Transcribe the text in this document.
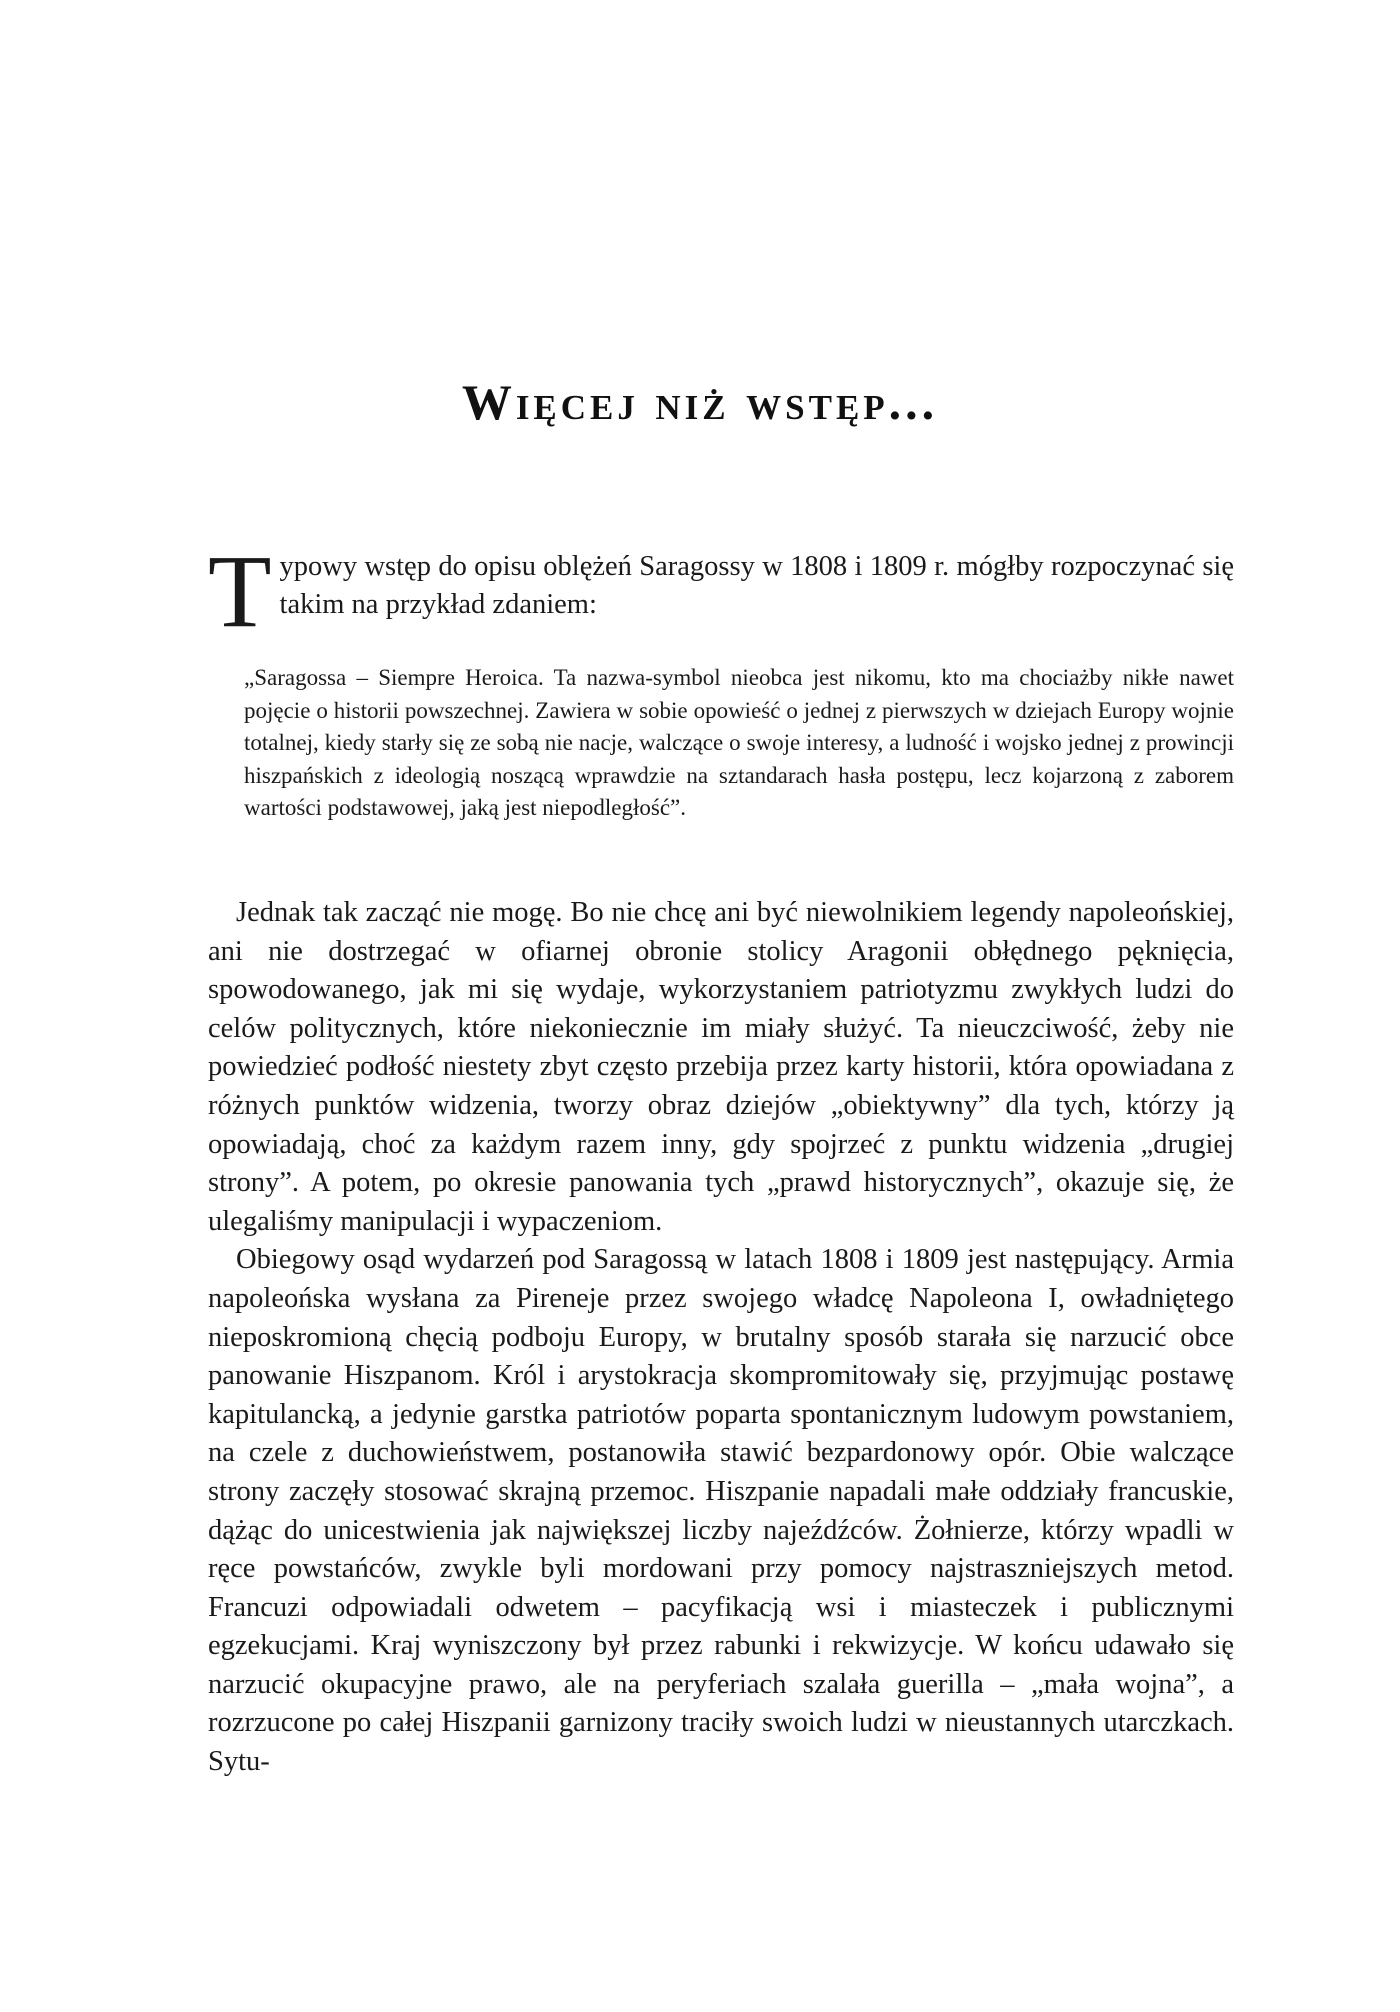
Więcej niż wstęp...

Typowy wstęp do opisu oblężeń Saragossy w 1808 i 1809 r. mógłby rozpoczynać się takim na przykład zdaniem:

„Saragossa – Siempre Heroica. Ta nazwa-symbol nieobca jest nikomu, kto ma chociażby nikłe nawet pojęcie o historii powszechnej. Zawiera w sobie opowieść o jednej z pierwszych w dziejach Europy wojnie totalnej, kiedy starły się ze sobą nie nacje, walczące o swoje interesy, a ludność i wojsko jednej z prowincji hiszpańskich z ideologią noszącą wprawdzie na sztandarach hasła postępu, lecz kojarzoną z zaborem wartości podstawowej, jaką jest niepodległość”.

Jednak tak zacząć nie mogę. Bo nie chcę ani być niewolnikiem legendy napoleońskiej, ani nie dostrzegać w ofiarnej obronie stolicy Aragonii obłędnego pęknięcia, spowodowanego, jak mi się wydaje, wykorzystaniem patriotyzmu zwykłych ludzi do celów politycznych, które niekoniecznie im miały służyć. Ta nieuczciwość, żeby nie powiedzieć podłość niestety zbyt często przebija przez karty historii, która opowiadana z różnych punktów widzenia, tworzy obraz dziejów „obiektywny” dla tych, którzy ją opowiadają, choć za każdym razem inny, gdy spojrzeć z punktu widzenia „drugiej strony”. A potem, po okresie panowania tych „prawd historycznych”, okazuje się, że ulegaliśmy manipulacji i wypaczeniom.

Obiegowy osąd wydarzeń pod Saragossą w latach 1808 i 1809 jest następujący. Armia napoleońska wysłana za Pireneje przez swojego władcę Napoleona I, owładniętego nieposkromioną chęcią podboju Europy, w brutalny sposób starała się narzucić obce panowanie Hiszpanom. Król i arystokracja skompromitowały się, przyjmując postawę kapitulancką, a jedynie garstka patriotów poparta spontanicznym ludowym powstaniem, na czele z duchowieństwem, postanowiła stawić bezpardonowy opór. Obie walczące strony zaczęły stosować skrajną przemoc. Hiszpanie napadali małe oddziały francuskie, dążąc do unicestwienia jak największej liczby najeźdźców. Żołnierze, którzy wpadli w ręce powstańców, zwykle byli mordowani przy pomocy najstraszniejszych metod. Francuzi odpowiadali odwetem – pacyfikacją wsi i miasteczek i publicznymi egzekucjami. Kraj wyniszczony był przez rabunki i rekwizycje. W końcu udawało się narzucić okupacyjne prawo, ale na peryferiach szalała guerilla – „mała wojna”, a rozrzucone po całej Hiszpanii garnizony traciły swoich ludzi w nieustannych utarczkach. Sytu-
